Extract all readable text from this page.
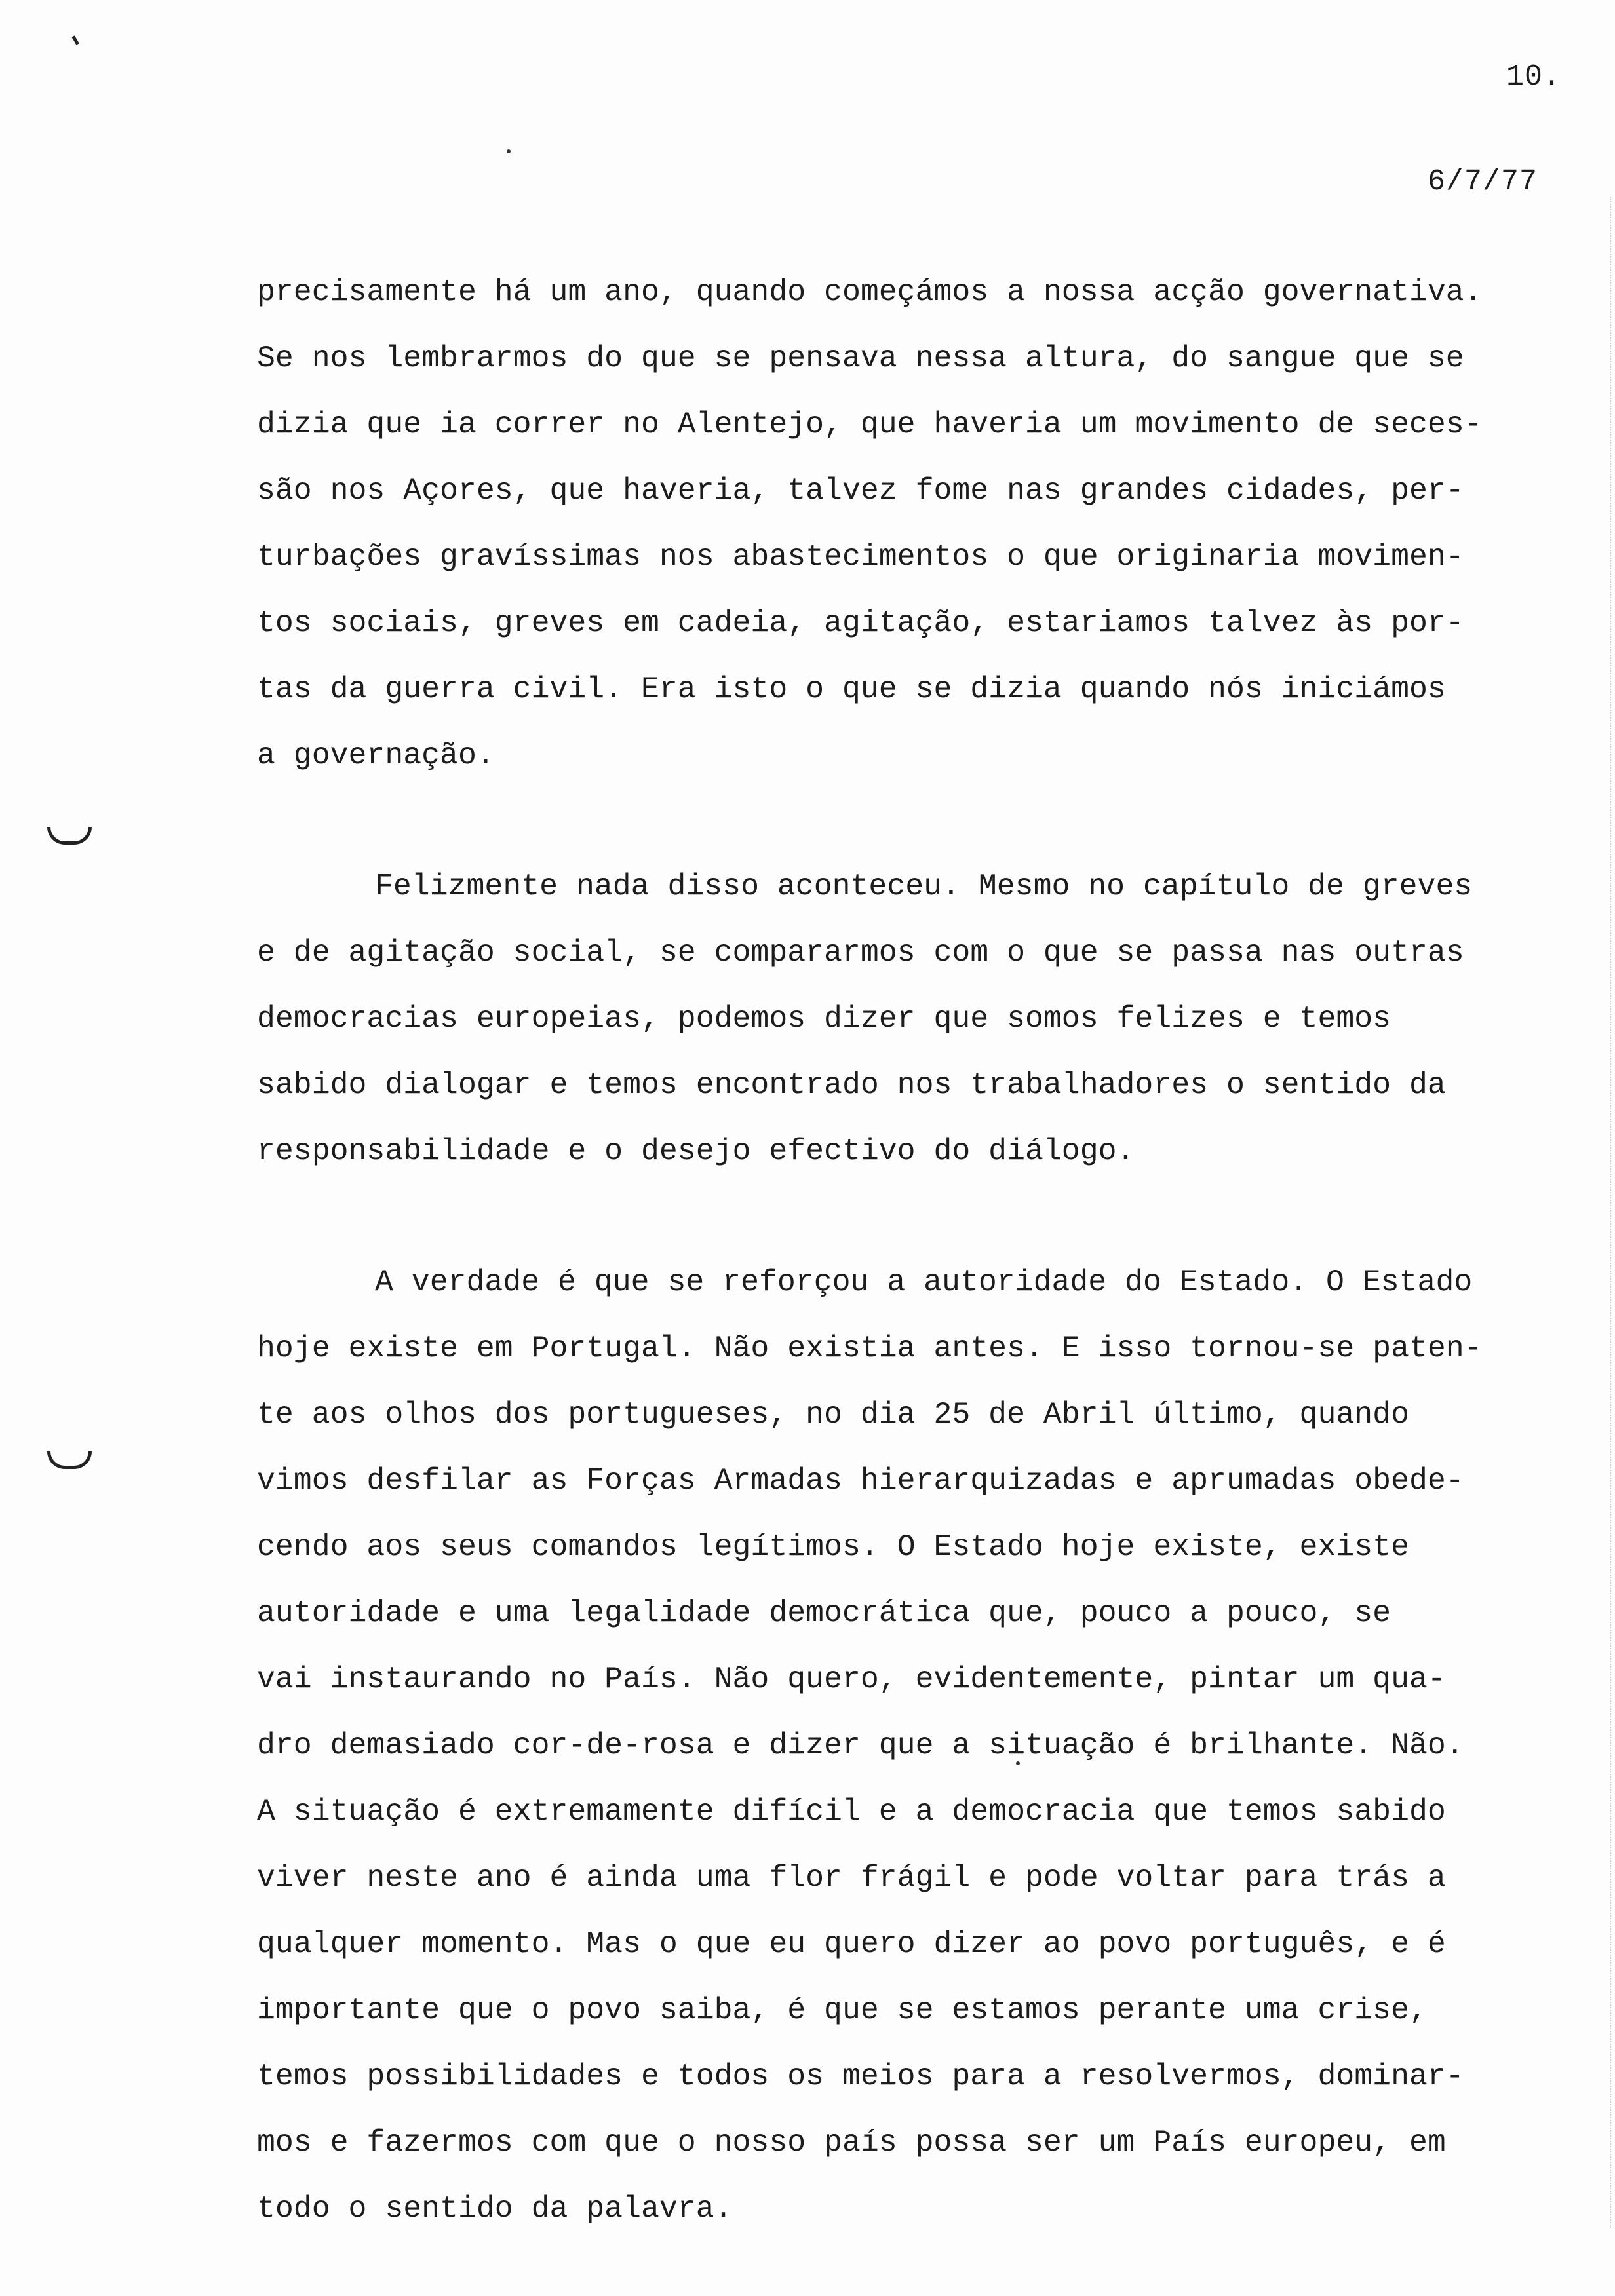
10.
6/7/77
precisamente há um ano, quando começámos a nossa acção governativa.
Se nos lembrarmos do que se pensava nessa altura, do sangue que se
dizia que ia correr no Alentejo, que haveria um movimento de seces-
são nos Açores, que haveria, talvez fome nas grandes cidades, per-
turbações gravíssimas nos abastecimentos o que originaria movimen-
tos sociais, greves em cadeia, agitação, estariamos talvez às por-
tas da guerra civil. Era isto o que se dizia quando nós iniciámos
a governação.
Felizmente nada disso aconteceu. Mesmo no capítulo de greves
e de agitação social, se compararmos com o que se passa nas outras
democracias europeias, podemos dizer que somos felizes e temos
sabido dialogar e temos encontrado nos trabalhadores o sentido da
responsabilidade e o desejo efectivo do diálogo.
A verdade é que se reforçou a autoridade do Estado. O Estado
hoje existe em Portugal. Não existia antes. E isso tornou-se paten-
te aos olhos dos portugueses, no dia 25 de Abril último, quando
vimos desfilar as Forças Armadas hierarquizadas e aprumadas obede-
cendo aos seus comandos legítimos. O Estado hoje existe, existe
autoridade e uma legalidade democrática que, pouco a pouco, se
vai instaurando no País. Não quero, evidentemente, pintar um qua-
dro demasiado cor-de-rosa e dizer que a situação é brilhante. Não.
A situação é extremamente difícil e a democracia que temos sabido
viver neste ano é ainda uma flor frágil e pode voltar para trás a
qualquer momento. Mas o que eu quero dizer ao povo português, e é
importante que o povo saiba, é que se estamos perante uma crise,
temos possibilidades e todos os meios para a resolvermos, dominar-
mos e fazermos com que o nosso país possa ser um País europeu, em
todo o sentido da palavra.
